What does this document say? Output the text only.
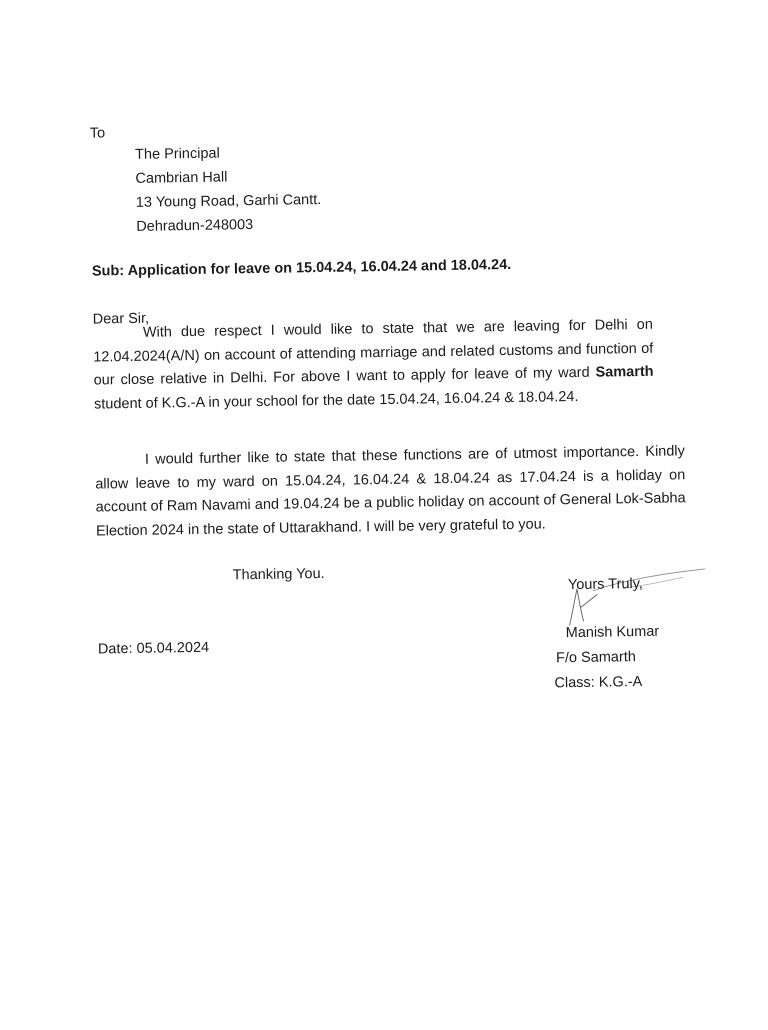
To

The Principal

Cambrian Hall

13 Young Road, Garhi Cantt.

Dehradun-248003

Sub: Application for leave on 15.04.24, 16.04.24 and 18.04.24.

Dear Sir,

With due respect I would like to state that we are leaving for Delhi on 12.04.2024(A/N) on account of attending marriage and related customs and function of our close relative in Delhi. For above I want to apply for leave of my ward Samarth student of K.G.-A in your school for the date 15.04.24, 16.04.24 & 18.04.24.

I would further like to state that these functions are of utmost importance. Kindly allow leave to my ward on 15.04.24, 16.04.24 & 18.04.24 as 17.04.24 is a holiday on account of Ram Navami and 19.04.24 be a public holiday on account of General Lok-Sabha Election 2024 in the state of Uttarakhand. I will be very grateful to you.

Thanking You.

Yours Truly,

Date: 05.04.2024

Manish Kumar

F/o Samarth

Class: K.G.-A
